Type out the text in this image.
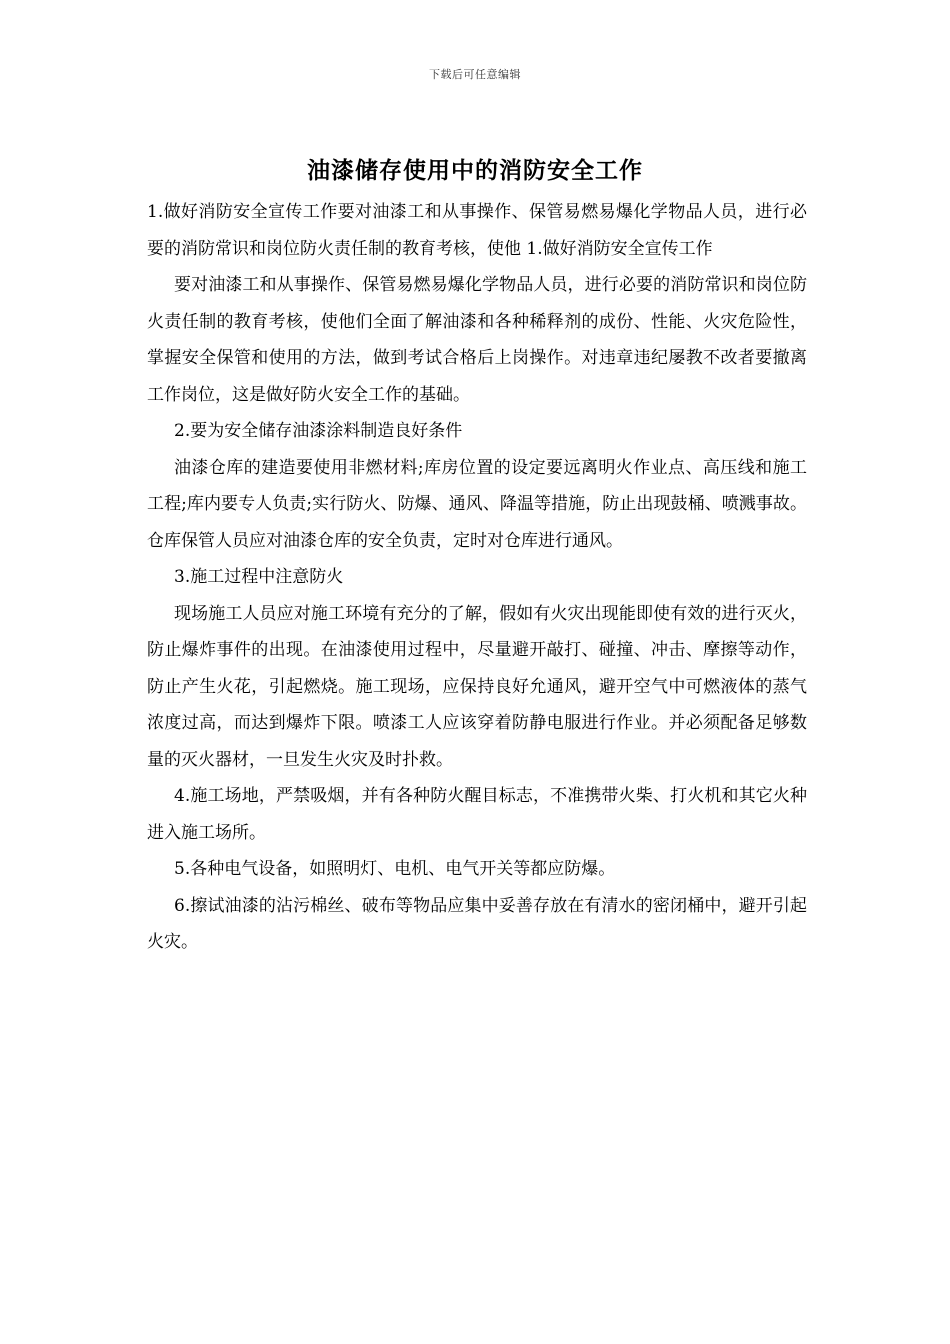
下载后可任意编辑
油漆储存使用中的消防安全工作

1.做好消防安全宣传工作要对油漆工和从事操作、保管易燃易爆化学物品人员，进行必要的消防常识和岗位防火责任制的教育考核，使他 1.做好消防安全宣传工作

要对油漆工和从事操作、保管易燃易爆化学物品人员，进行必要的消防常识和岗位防火责任制的教育考核，使他们全面了解油漆和各种稀释剂的成份、性能、火灾危险性，掌握安全保管和使用的方法，做到考试合格后上岗操作。对违章违纪屡教不改者要撤离工作岗位，这是做好防火安全工作的基础。

2.要为安全储存油漆涂料制造良好条件

油漆仓库的建造要使用非燃材料;库房位置的设定要远离明火作业点、高压线和施工工程;库内要专人负责;实行防火、防爆、通风、降温等措施，防止出现鼓桶、喷溅事故。仓库保管人员应对油漆仓库的安全负责，定时对仓库进行通风。

3.施工过程中注意防火

现场施工人员应对施工环境有充分的了解，假如有火灾出现能即使有效的进行灭火，防止爆炸事件的出现。在油漆使用过程中，尽量避开敲打、碰撞、冲击、摩擦等动作，防止产生火花，引起燃烧。施工现场，应保持良好允通风，避开空气中可燃液体的蒸气浓度过高，而达到爆炸下限。喷漆工人应该穿着防静电服进行作业。并必须配备足够数量的灭火器材，一旦发生火灾及时扑救。

4.施工场地，严禁吸烟，并有各种防火醒目标志，不准携带火柴、打火机和其它火种进入施工场所。

5.各种电气设备，如照明灯、电机、电气开关等都应防爆。

6.擦试油漆的沾污棉丝、破布等物品应集中妥善存放在有清水的密闭桶中，避开引起火灾。
